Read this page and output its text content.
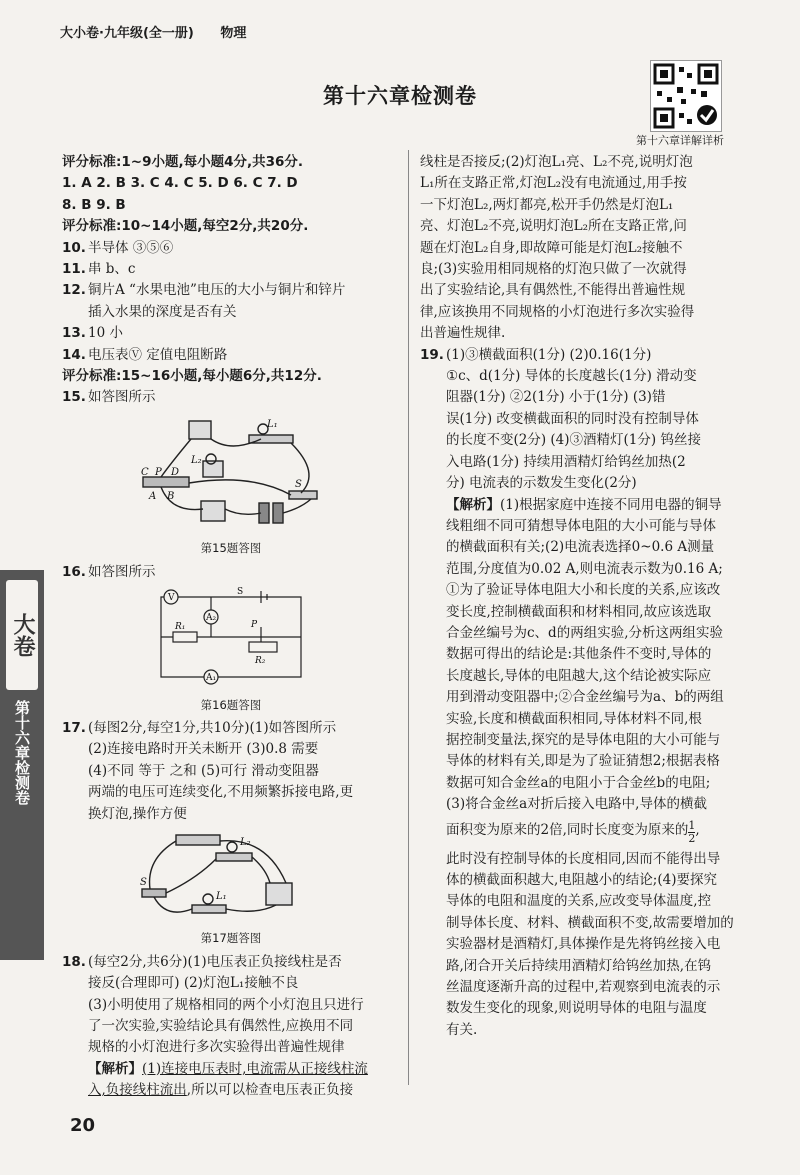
大小卷·九年级(全一册) 物理
第十六章检测卷
第十六章详解详析
评分标准:1~9小题,每小题4分,共36分.
1. A 2. B 3. C 4. C 5. D 6. C 7. D
8. B 9. B
评分标准:10~14小题,每空2分,共20分.
10. 半导体 ③⑤⑥
11. 串 b、c
12. 铜片A “水果电池”电压的大小与铜片和锌片
插入水果的深度是否有关
13. 10 小
14. 电压表Ⓥ 定值电阻断路
评分标准:15~16小题,每小题6分,共12分.
15. 如答图所示
L₁
L₂
C P D
A B
S
第15题答图
16. 如答图所示
V
S
A₂
R₁	P
R₂
A₁
第16题答图
17. (每图2分,每空1分,共10分)(1)如答图所示
(2)连接电路时开关未断开 (3)0.8 需要
(4)不同 等于 之和 (5)可行 滑动变阻器
两端的电压可连续变化,不用频繁拆接电路,更
换灯泡,操作方便
L₂
S
L₁
第17题答图
18. (每空2分,共6分)(1)电压表正负接线柱是否
接反(合理即可) (2)灯泡L₁接触不良
(3)小明使用了规格相同的两个小灯泡且只进行
了一次实验,实验结论具有偶然性,应换用不同
规格的小灯泡进行多次实验得出普遍性规律
【解析】 (1)连接电压表时,电流需从正接线柱流
入,负接线柱流出 ,所以可以检查电压表正负接
线柱是否接反;(2)灯泡L₁亮、L₂不亮,说明灯泡
L₁所在支路正常,灯泡L₂没有电流通过,用手按
一下灯泡L₂,两灯都亮,松开手仍然是灯泡L₁
亮、灯泡L₂不亮,说明灯泡L₂所在支路正常,问
题在灯泡L₂自身,即故障可能是灯泡L₂接触不
良;(3)实验用相同规格的灯泡只做了一次就得
出了实验结论,具有偶然性,不能得出普遍性规
律,应该换用不同规格的小灯泡进行多次实验得
出普遍性规律.
19. (1)③横截面积(1分) (2)0.16(1分)
①c、d(1分) 导体的长度越长(1分) 滑动变
阻器(1分) ②2(1分) 小于(1分) (3)错
误(1分) 改变横截面积的同时没有控制导体
的长度不变(2分) (4)③酒精灯(1分) 钨丝接
入电路(1分) 持续用酒精灯给钨丝加热(2
分) 电流表的示数发生变化(2分)
【解析】 (1)根据家庭中连接不同用电器的铜导
线粗细不同可猜想导体电阻的大小可能与导体
的横截面积有关;(2)电流表选择0~0.6 A测量
范围,分度值为0.02 A,则电流表示数为0.16 A;
①为了验证导体电阻大小和长度的关系,应该改
变长度,控制横截面积和材料相同,故应该选取
合金丝编号为c、d的两组实验,分析这两组实验
数据可得出的结论是:其他条件不变时,导体的
长度越长,导体的电阻越大,这个结论被实际应
用到滑动变阻器中;②合金丝编号为a、b的两组
实验,长度和横截面积相同,导体材料不同,根
据控制变量法,探究的是导体电阻的大小可能与
导体的材料有关,即是为了验证猜想2;根据表格
数据可知合金丝a的电阻小于合金丝b的电阻;
(3)将合金丝a对折后接入电路中,导体的横截
面积变为原来的2倍,同时长度变为原来的 $\frac{1}{2}$ ,
此时没有控制导体的长度相同,因而不能得出导
体的横截面积越大,电阻越小的结论;(4)要探究
导体的电阻和温度的关系,应改变导体温度,控
制导体长度、材料、横截面积不变,故需要增加的
实验器材是酒精灯,具体操作是先将钨丝接入电
路,闭合开关后持续用酒精灯给钨丝加热,在钨
丝温度逐渐升高的过程中,若观察到电流表的示
数发生变化的现象,则说明导体的电阻与温度
有关.
大卷
第十六章检测卷
20
